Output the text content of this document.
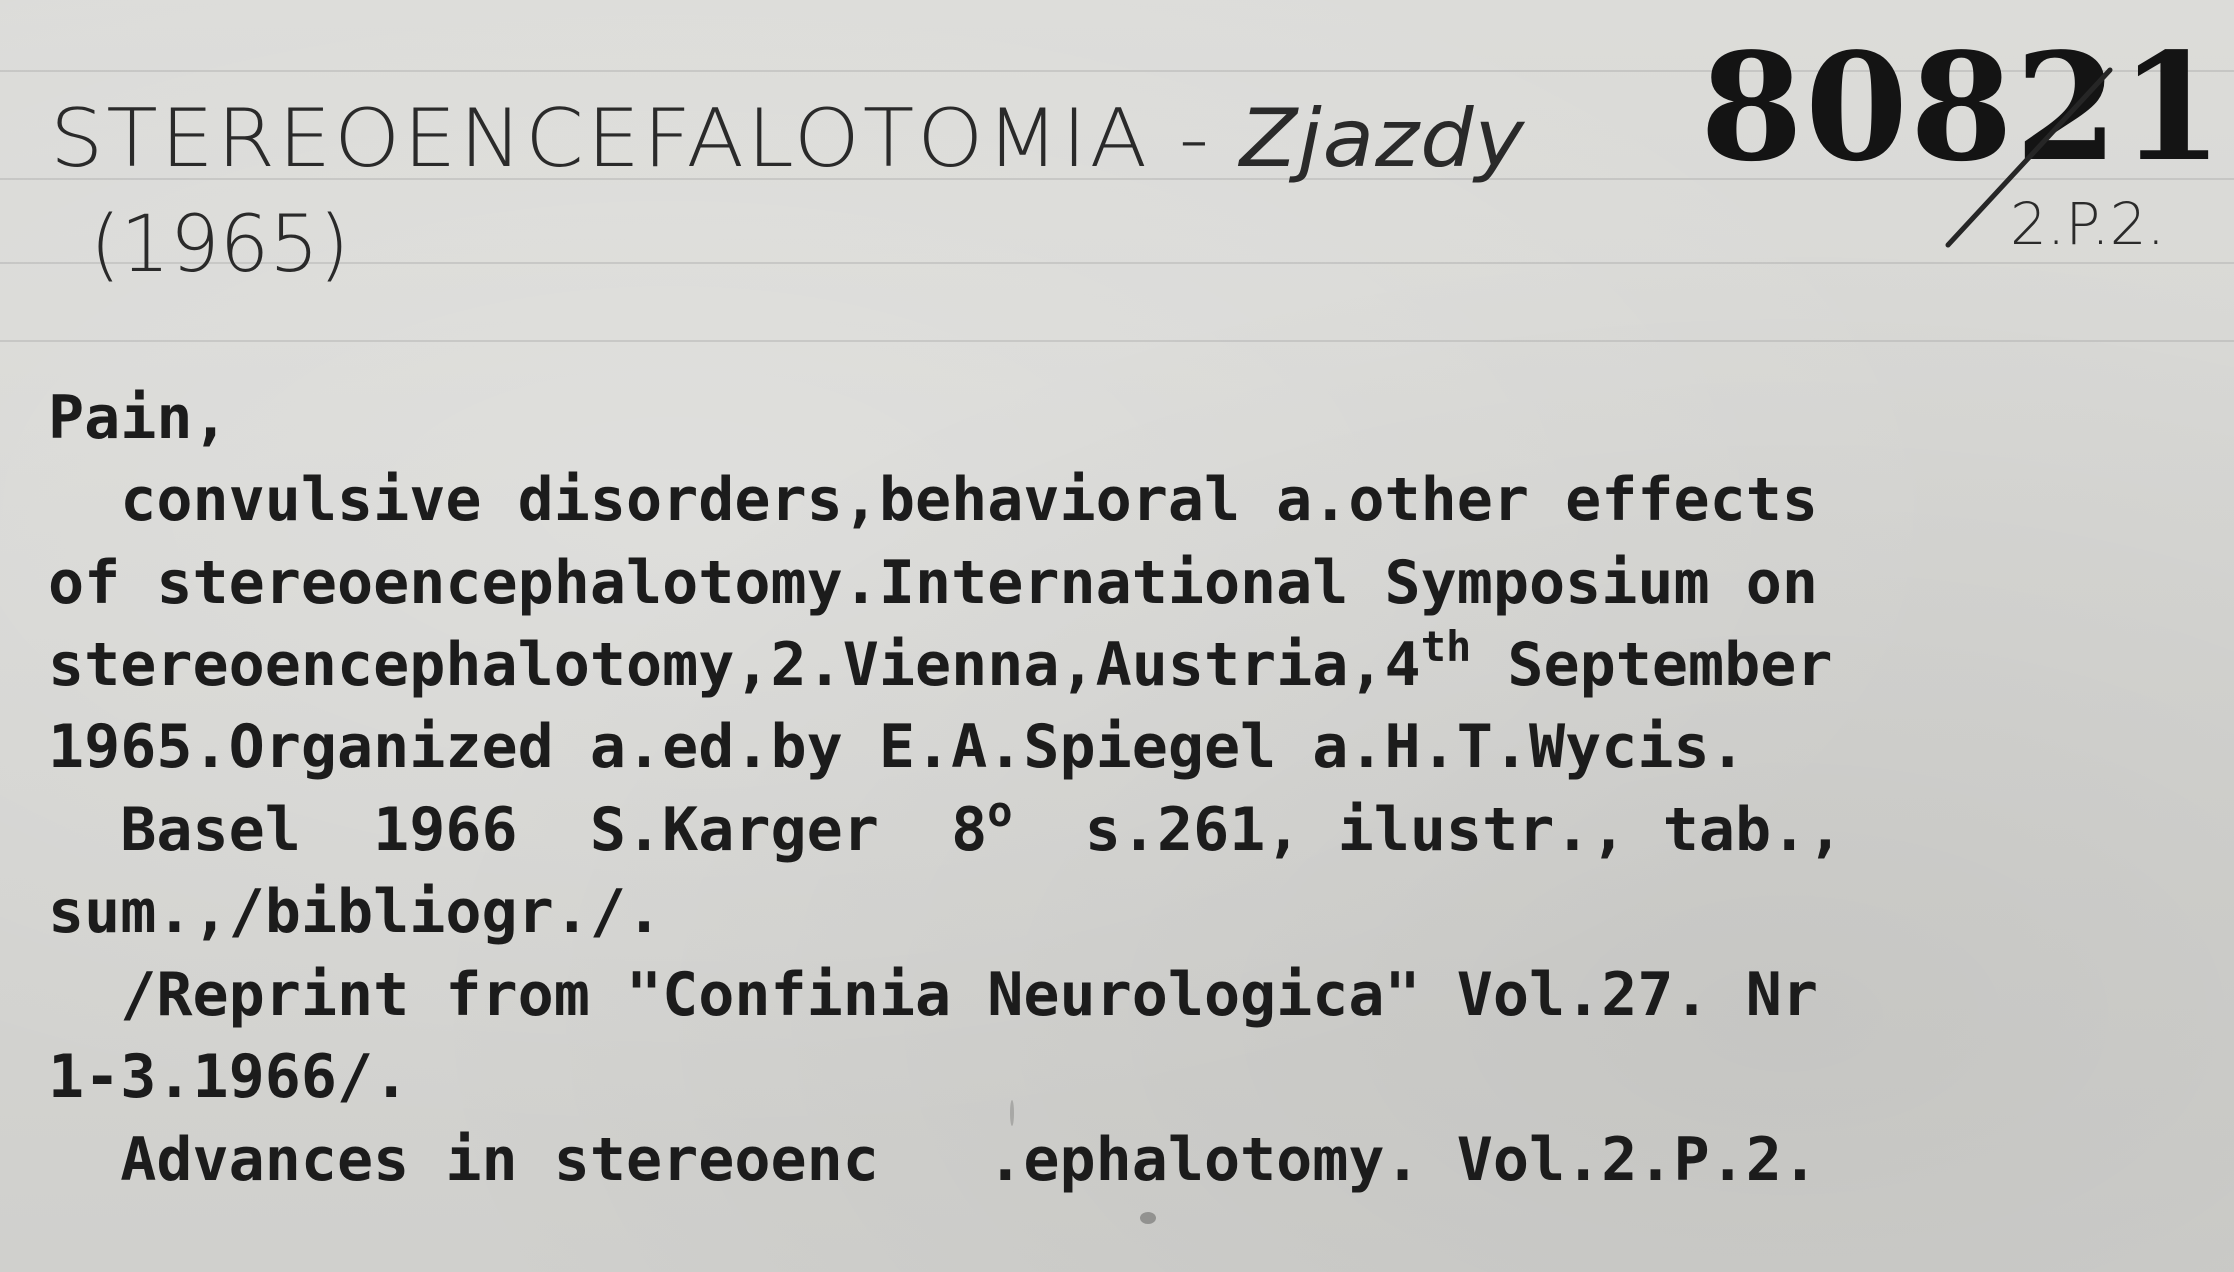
STEREOENCEFALOTOMIA - Zjazdy
(1965)
80821
2.P.2.
Pain,
convulsive disorders,behavioral a.other effects
of stereoencephalotomy.International Symposium on
stereoencephalotomy,2.Vienna,Austria,4th September
1965.Organized a.ed.by E.A.Spiegel a.H.T.Wycis.
Basel  1966  S.Karger  8$^o$  s.261, ilustr., tab.,
sum.,/bibliogr./.
/Reprint from "Confinia Neurologica" Vol.27. Nr
1-3.1966/.
Advances in stereoenc   .ephalotomy. Vol.2.P.2.
